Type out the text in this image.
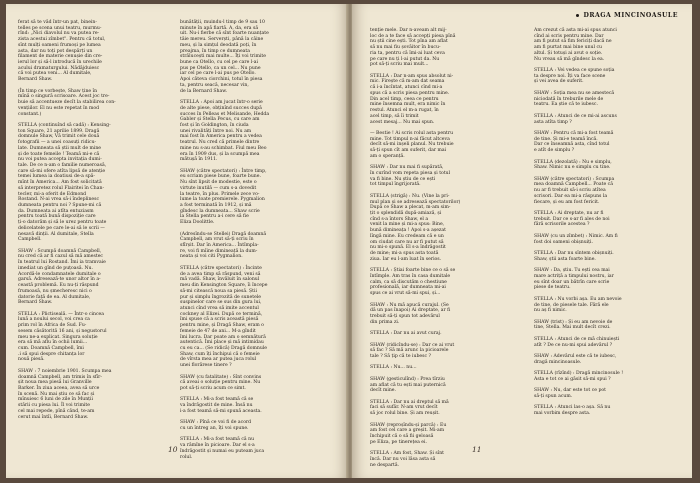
ferat să te văd într-un pat, binein-
telles pe scena unui teatru, murmu-
rînd: „Nici diavolul nu va putea re-
zista acestui zîmbet". Pentru că totul,
sînt mulți oameni frumoși pe lumea
asta, dar nu toți pot despărți un
filament de materie cenușie din cre-
ierul lor și să-l introducă în urechile
acului dramaturgului. Nădăjduiesc
că voi putea veni... Al dumitale,
Bernard Shaw.

(În timp ce vorbește, Shaw ține în
mînă o singură scrisoare. Acest joc tre-
buie să accentueze decît la stabilirea con-
vențiilor. El nu este repetat în mod
constant.)

STELLA (continuînd să cadă) : Kensing-
ton Square, 21 aprilie 1899. Dragă
domnule Shaw, Vă trimit cele două
fotografii — a unei coasuți ridicu-
late. Dumneata să știi mult de mine
și de toate femeile ! Teamă mi-e că
nu voi putea accepta invitația dumi-
tale. De ce n-am o familie numeroasă,
care să-mi ofere atîta lipsă de atenție
temei lumea ia doatiusi de-a spă-
mînt în America... Am fost solicitată
să interpretez rolul Flairitei în Chan-
tecler, mi-a oferit de Edmond
Rostand. N-ai vrea să-i îndeplinesc
dumneata pentru noi ? Spune-mi că
da. Dumneata ai atîta entuziasm
pentru toată bună dispoziție care
ți-o datorăm și să le urez pentru toate
delicelatele pe care le-ai să le scrii —
nesavă dinții. Al dumitale, Stella
Campbell.

SHAW : Scumpă doamnă Campbell,
nu cred că ar fi cazul să mă amestec
în teatrul lui Rostand. Îmi ia tramvaie
imediat un gînd de puțoasă. Nu.
Acordă-le condamnatele dumitale o
garsă. Adresează-te unor altor în a-
ceastă problemă. Eu nu-ți răspund
frumoasă, nu șmecheresc nici o
datorie față de ea. Al dumitale,
Bernard Shaw.

STELLA : Plictiseală. — Într-o cincea
lună a noului secol, voi crea ca
prim rol în Africa de Sud. Fu-
sesem căsătorită 16 ani, și negustorul
meu ne-a explicat. Singura soluție
era să mă aflu în ochii lumii...
cum. Doamnă Campbell, îmi
.i să spui despre chitanța lor
nouă piesă.

SHAW : 7 noiembrie 1901. Scumpa mea
doamnă Campbell, am trimis în sfîr-
șit noua mea piesă lui Granville
Barker. În ziua aceea, avea să urce
în scenă. Nu mai știu ce să fac și
mînuiesc 6 luni de zile în Munții
stării cu piesa lui. Îl voi trimite
cel mai repede, pînă când, te-am
cerut mai întîi, Bernard Shaw.
bunătății, muindu-l timp de 9 sau 10
minute în apă fiartă. A, da, era să
uit. Nu-i fierbe că sînt foarte nuanțate
tăie mereu. Serverști, până la câine
meu, și la simțul deodată poți, în
preajma, în timp ce dumneata
strălucești mai multe... Îți voi trimite
bune ca Otello, cu cel pe care l-ai
pus pe Otello, ca un cel... Nu pune
iar cel pe care l-ai pus pe Otello.
Apoi câteva ciorchini, totul în piesa
ta, pentru seacă, necesar vin,
de la Bernard Shaw.

STELLA : Apoi am jucat într-o serie
de alte piese, obținînd succes după
succes în Pelleas et Melisande, Hedda
Gabler și Stella Pecus, cu care am
fost și în Goldington, în ciuda
unei rivalități între noi. Nu am
mai fost în America pentru a vedea
teatrul. Nu cred că primele dintre
mine nu s-au schimbat. Fiul meu Beo
era în 1909 dus, și la scumpă mea
mătușă în 1911.

SHAW (către spectatori) : Între timp,
eu scriam piese bune, foarte bune.
Nu sînt lipsit de modestie, este o
virtute inutilă — cum s-a dovedit
la teatre, în plus. Primele zece vo-
lume la toate premierele. Pygmalion
a fost terminată în 1912, și mă
gîndesc la dumneata... Shaw scrie
la Stella pentru a-i cere să fie
Eliza Doolittle.

(Adresîndu-se Stellei) Dragă doamnă
Campbell, am vrut să-ți scriu în
sfîrșit. Dar în America... Întîmpla-
re, voi fi mîine dimineață la dum-
neata și voi citi Pygmalion.

STELLA (către spectatori) : Încinte
de a avea timp să răspund, veni să
mă vadă. Shaw, învăluit în salonul
meu din Kensington Square, îi începe
să-mi citească noua sa piesă. Știi
pur și simplu îngrozită de sunetele
suspinelor care se sus din gura lui,
atunci cînd vrea să imite accentul
cockney al Elizei. După ce termină,
îmi spuse că a scris această piesă
pentru mine, și Dragă Shaw, eram o
femeie de 47 de ani... M-a gîndit
îmi lucra. Dar poate am o semnătură
autentică. Îmi place și mă intimidau
cu eu ca... (Se ridică) Dragă domnule
Shaw, cum îți închipui că o femeie
de vîrsta mea ar putea juca rolul
unei florărese tinere ?

SHAW (cu fatalitate) : Sînt convins
că aveai o soluție pentru mine. Nu
pot să-ți scriu acum ce simt.

STELLA : Mi-a fost teamă că se
va îndrăgostit de mine. Însă nu
i-a fost teamă să-mi spună aceasta.

SHAW : Pînă ce voi fi de acord
cu un întreg an, îți voi spune.

STELLA : Mi-a fost teamă că nu
va rămîne în picioare. Dar el s-a
îndrăgostit și numai eu puteam juca
rolul.
10
DRAGA MINCINOASULE
tenție mele. Dar n-aveam alt mij-
loc de a te face să accepți piesa pînă
nu știi cine ești. Tot pîna am aflat
să nu mai fiu șovăitor în bucu-
ria ta, pentru că îmi-ai luat ceva
pe care nu ți l-ai putut da. Nu
pot să-ți scriu mai mult...

STELLA : Dar n-am spus absolut ni-
mic. Firește că m-am dat seama
că i-a încîntat, atunci cînd mi-a
spus că a scris piesa pentru mine.
Din acel timp, ceea ce pentru
mine însemna mult, era nimic în
restul. Atunci el m-a rugat, în
acel timp, să îi trimit
acest mesaj... Nu mai spun.

— Bestie ! Ai scris rolul asta pentru
mine. Tot timpul n-ai făcut altceva
decît să-mi inșeli planul. Nu trebuie
să-ți spun cît am suferit, dar mai
am o speranță.

SHAW : Dar nu mai fi supărată,
în curînd vom repeta piesa și totul
va fi bine. Nu știu de ce ești
tot timpul îngrijorată.

STELLA (strigă) : Nu. (Vine la pri-
mul plan și se adresează spectatorilor)
După ce Shaw a plecat, m-am sim-
țit o splendidă după-amiază, și
cînd s-a întors Shaw, el a
venit la mine și mi-a spus: Bine,
bună dimineața ! Apoi s-a așezat
lîngă mine. Eu credeam că e un
om ciudat care nu ar fi putut să
nu mi-o spună. El s-a îndrăgostit
de mine; mi-a spus asta toată
ziua. Iar eu l-am luat în serios.

STELLA : Știai foarte bine ce o să se
întîmple. Am tras în casa dumitale
calm, ca să discutăm o chestiune
profesională, iar dumneata mi-ai
spus ce ai vrut să-mi spui, și...

SHAW : Nu mă apucă curajul. (Se
dă un pas înapoi) Ai dreptate, ar fi
trebuit să-ți spun tot adevărul
din prima zi.

STELLA : Dar nu ai avut curaj.

SHAW (ridicîndu-se) : Dar ce ai vrut
să fac ? Să mă arunc la picioarele
tale ? Să țip că te iubesc ?

STELLA : Nu... nu...

SHAW (gesticulînd) : Prea tîrziu
am aflat că tu ești mai puternică
decît mine.

STELLA : Dar nu ai dreptul să mă
faci să sufăr. N-am vrut decît
să joc rolul bine. Și am reușit.

SHAW (reproșîndu-și parcă) : Eu
am fost cel care a greșit. Mi-am
închipuit că o să fii geloasă
pe Eliza, pe tinerețea ei.

STELLA : Am fost, Shaw. Și sînt
încă. Dar nu voi lăsa asta să
ne despartă.
Am crezut că asta mi-ai spus atunci
cînd ai scris pentru mine. Dar
am fi putut să fim fericiți dacă ne
am fi purtat mai bine unul cu
altul. Și totuși ai avut o soție.
Nu vreau să mă gîndesc la ea.

STELLA : Vei vedea ce spune soția
ta despre noi. Îți va face scene
și vei avea de suferit.

SHAW : Soția mea nu se amestecă
niciodată în treburile mele de
teatru. Ea știe că te iubesc.

STELLA : Atunci de ce mi-ai ascuns
asta atîta timp ?

SHAW : Pentru că mi-a fost teamă
de tine. Și mi-e teamă încă.
Dar ce înseamnă asta, cînd totul
e atît de simplu ?

STELLA (dezolată) : Nu e simplu,
Shaw. Nimic nu e simplu cu tine.

SHAW (către spectatori) : Scumpa
mea doamnă Campbell... Poate că
nu ar fi trebuit să-i scriu atîtea
scrisori. Dar ea mi-a răspuns la
fiecare, și eu am fost fericit.

STELLA : Ai dreptate, nu ar fi
trebuit. Dar ce s-ar fi ales de noi
fără scrisorile acestea ?

SHAW (cu un zîmbet) : Nimic. Am fi
fost doi oameni obișnuiți.

STELLA : Dar nu sîntem obișnuiți.
Shaw, știi asta foarte bine.

SHAW : Da, știu. Tu ești cea mai
mare actriță a timpului nostru, iar
eu sînt doar un bătrîn care scrie
piese de teatru.

STELLA : Nu vorbi așa. Eu am nevoie
de tine, de piesele tale. Fără ele
nu aș fi nimic.

SHAW (trist) : Și eu am nevoie de
tine, Stella. Mai mult decît crezi.

STELLA : Atunci de ce mă chinuiești
atît ? De ce nu-mi spui adevărul ?

SHAW : Adevărul este că te iubesc,
dragă mincinoasule.

STELLA (rîzînd) : Dragă mincinosule !
Asta e tot ce ai găsit să-mi spui ?

SHAW : Nu, dar este tot ce pot
să-ți spun acum.

STELLA : Atunci las-o așa. Să nu
mai vorbim despre asta.
11
